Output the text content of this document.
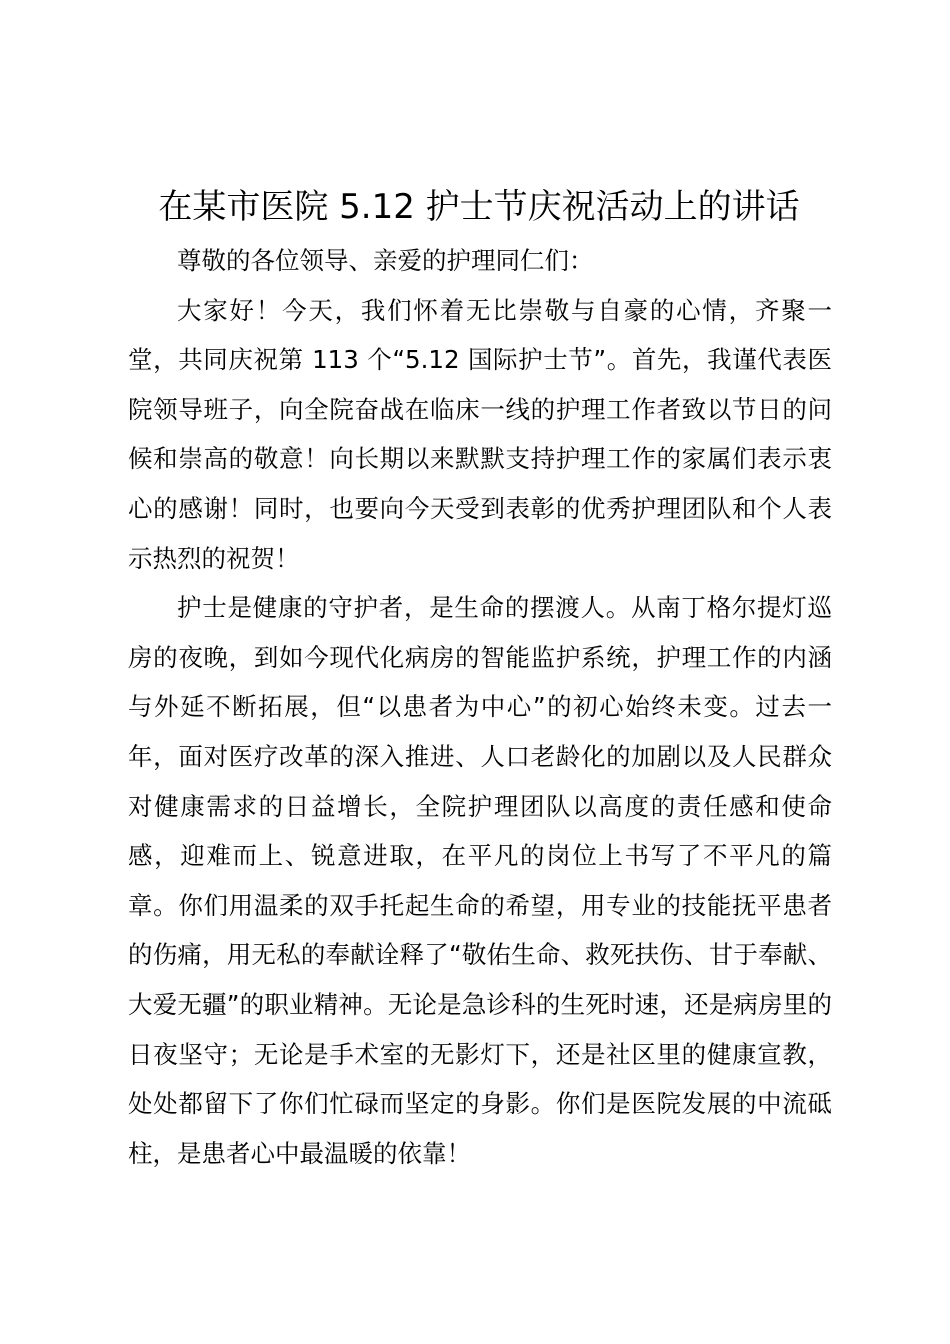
在某市医院 5.12 护士节庆祝活动上的讲话

尊敬的各位领导、亲爱的护理同仁们：

大家好！今天，我们怀着无比崇敬与自豪的心情，齐聚一堂，共同庆祝第 113 个“5.12 国际护士节”。首先，我谨代表医院领导班子，向全院奋战在临床一线的护理工作者致以节日的问候和崇高的敬意！向长期以来默默支持护理工作的家属们表示衷心的感谢！同时，也要向今天受到表彰的优秀护理团队和个人表示热烈的祝贺！

护士是健康的守护者，是生命的摆渡人。从南丁格尔提灯巡房的夜晚，到如今现代化病房的智能监护系统，护理工作的内涵与外延不断拓展，但“以患者为中心”的初心始终未变。过去一年，面对医疗改革的深入推进、人口老龄化的加剧以及人民群众对健康需求的日益增长，全院护理团队以高度的责任感和使命感，迎难而上、锐意进取，在平凡的岗位上书写了不平凡的篇章。你们用温柔的双手托起生命的希望，用专业的技能抚平患者的伤痛，用无私的奉献诠释了“敬佑生命、救死扶伤、甘于奉献、大爱无疆”的职业精神。无论是急诊科的生死时速，还是病房里的日夜坚守；无论是手术室的无影灯下，还是社区里的健康宣教，处处都留下了你们忙碌而坚定的身影。你们是医院发展的中流砥柱，是患者心中最温暖的依靠！
